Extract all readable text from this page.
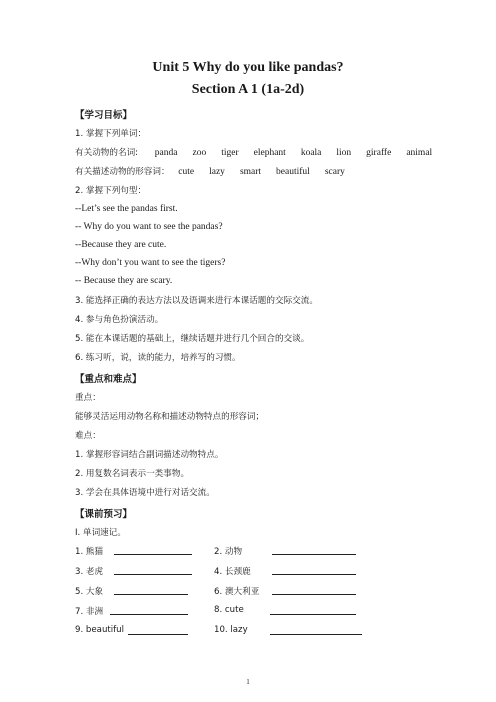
Unit 5 Why do you like pandas?
Section A 1 (1a-2d)
【学习目标】
1. 掌握下列单词：
有关动物的名词: panda zoo tiger elephant koala lion giraffe animal
有关描述动物的形容词： cute lazy smart beautiful scary
2. 掌握下列句型：
--Let’s see the pandas first.
-- Why do you want to see the pandas?
--Because they are cute.
--Why don’t you want to see the tigers?
-- Because they are scary.
3. 能选择正确的表达方法以及语调来进行本课话题的交际交流。
4. 参与角色扮演活动。
5. 能在本课话题的基础上，继续话题并进行几个回合的交谈。
6. 练习听，说，读的能力，培养写的习惯。
【重点和难点】
重点：
能够灵活运用动物名称和描述动物特点的形容词；
难点：
1. 掌握形容词结合副词描述动物特点。
2. 用复数名词表示一类事物。
3. 学会在具体语境中进行对话交流。
【课前预习】
I. 单词速记。
1. 熊猫	2. 动物
3. 老虎	4. 长颈鹿
5. 大象	6. 澳大利亚
7. 非洲	8. cute
9. beautiful	10. lazy
1
